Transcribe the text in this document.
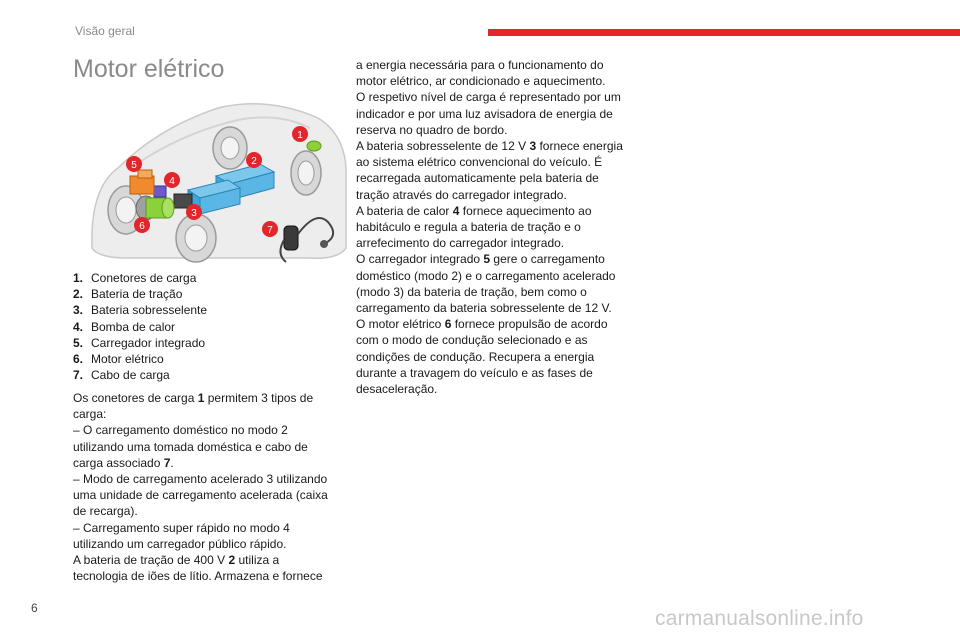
Visão geral
Motor elétrico
1
2
3
4
5
6	7
1. Conetores de carga
2. Bateria de tração
3. Bateria sobresselente
4. Bomba de calor
5. Carregador integrado
6. Motor elétrico
7. Cabo de carga

Os conetores de carga 1 permitem 3 tipos de carga:

– O carregamento doméstico no modo 2 utilizando uma tomada doméstica e cabo de carga associado 7.

– Modo de carregamento acelerado 3 utilizando uma unidade de carregamento acelerada (caixa de recarga).

– Carregamento super rápido no modo 4 utilizando um carregador público rápido.

A bateria de tração de 400 V 2 utiliza a tecnologia de iões de lítio. Armazena e fornece

a energia necessária para o funcionamento do motor elétrico, ar condicionado e aquecimento.

O respetivo nível de carga é representado por um indicador e por uma luz avisadora de energia de reserva no quadro de bordo.

A bateria sobresselente de 12 V 3 fornece energia ao sistema elétrico convencional do veículo. É recarregada automaticamente pela bateria de tração através do carregador integrado.

A bateria de calor 4 fornece aquecimento ao habitáculo e regula a bateria de tração e o arrefecimento do carregador integrado.

O carregador integrado 5 gere o carregamento doméstico (modo 2) e o carregamento acelerado (modo 3) da bateria de tração, bem como o carregamento da bateria sobresselente de 12 V.

O motor elétrico 6 fornece propulsão de acordo com o modo de condução selecionado e as condições de condução. Recupera a energia durante a travagem do veículo e as fases de desaceleração.

6	carmanualsonline.info
